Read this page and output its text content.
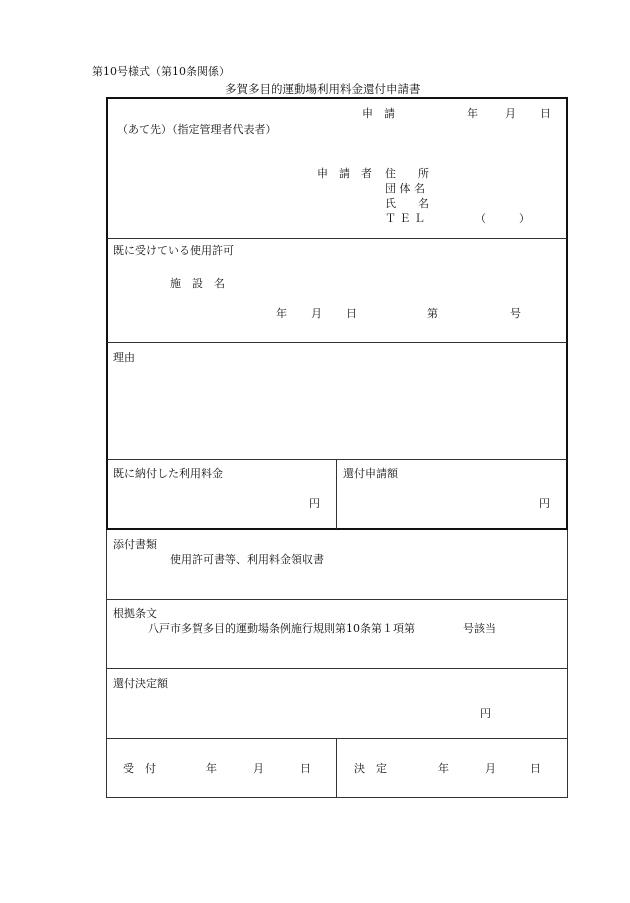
第10号様式（第10条関係）
多賀多目的運動場利用料金還付申請書
申　請	年 月 日
（あて先）（指定管理者代表者）
申　請　者 住　　所
団 体 名
氏　　名
Ｔ Ｅ Ｌ	（　　　）
既に受けている使用許可
施　設　名
年 月 日	第	号
理由
既に納付した利用料金
円
還付申請額
円
添付書類
使用許可書等、利用料金領収書
根拠条文
八戸市多賀多目的運動場条例施行規則第10条第１項第	号該当
還付決定額
円
受　付	年	月	日	決　定	年	月	日
